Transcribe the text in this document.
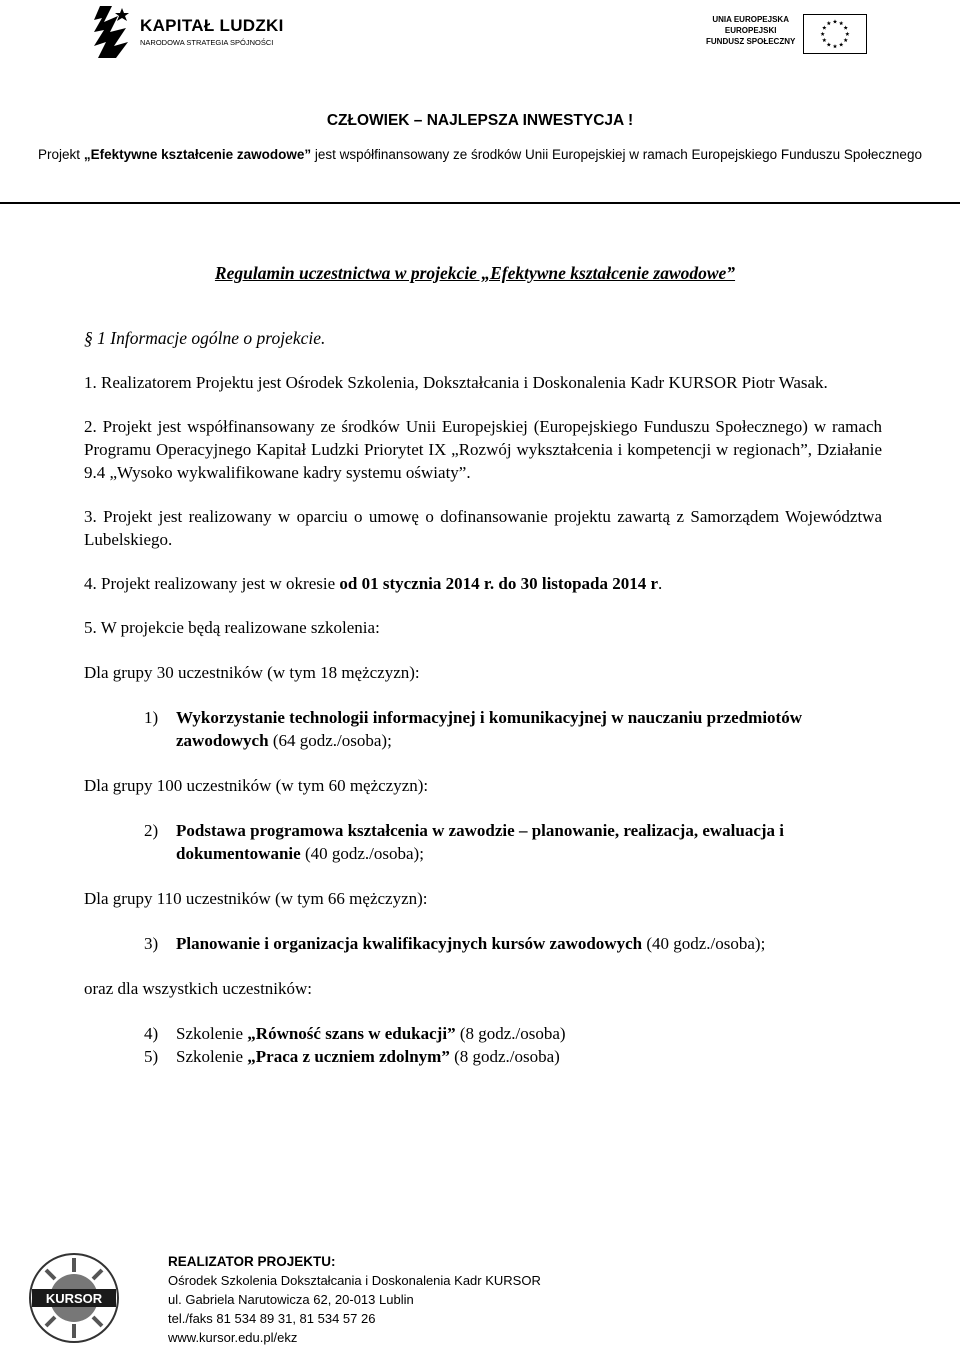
KAPITAŁ LUDZKI
NARODOWA STRATEGIA SPÓJNOŚCI
UNIA EUROPEJSKA
EUROPEJSKI
FUNDUSZ SPOŁECZNY

CZŁOWIEK – NAJLEPSZA INWESTYCJA !

Projekt „Efektywne kształcenie zawodowe” jest współfinansowany ze środków Unii Europejskiej w ramach Europejskiego Funduszu Społecznego

Regulamin uczestnictwa w projekcie „Efektywne kształcenie zawodowe”

§ 1 Informacje ogólne o projekcie.

1. Realizatorem Projektu jest Ośrodek Szkolenia, Dokształcania i Doskonalenia Kadr KURSOR Piotr Wasak.

2. Projekt jest współfinansowany ze środków Unii Europejskiej (Europejskiego Funduszu Społecznego) w ramach Programu Operacyjnego Kapitał Ludzki Priorytet IX „Rozwój wykształcenia i kompetencji w regionach”, Działanie 9.4 „Wysoko wykwalifikowane kadry systemu oświaty”.

3. Projekt jest realizowany w oparciu o umowę o dofinansowanie projektu zawartą z Samorządem Województwa Lubelskiego.

4. Projekt realizowany jest w okresie od 01 stycznia 2014 r. do 30 listopada 2014 r.

5. W projekcie będą realizowane szkolenia:

Dla grupy 30 uczestników (w tym 18 mężczyzn):

1)	Wykorzystanie technologii informacyjnej i komunikacyjnej w nauczaniu przedmiotów zawodowych (64 godz./osoba);

Dla grupy 100 uczestników (w tym 60 mężczyzn):

2)	Podstawa programowa kształcenia w zawodzie – planowanie, realizacja, ewaluacja i dokumentowanie (40 godz./osoba);

Dla grupy 110 uczestników (w tym 66 mężczyzn):

3)	Planowanie i organizacja kwalifikacyjnych kursów zawodowych (40 godz./osoba);

oraz dla wszystkich uczestników:

4)	Szkolenie „Równość szans w edukacji” (8 godz./osoba)
5)	Szkolenie „Praca z uczniem zdolnym” (8 godz./osoba)
KURSOR
REALIZATOR PROJEKTU:
Ośrodek Szkolenia Dokształcania i Doskonalenia Kadr KURSOR
ul. Gabriela Narutowicza 62, 20-013 Lublin
tel./faks 81 534 89 31, 81 534 57 26
www.kursor.edu.pl/ekz
